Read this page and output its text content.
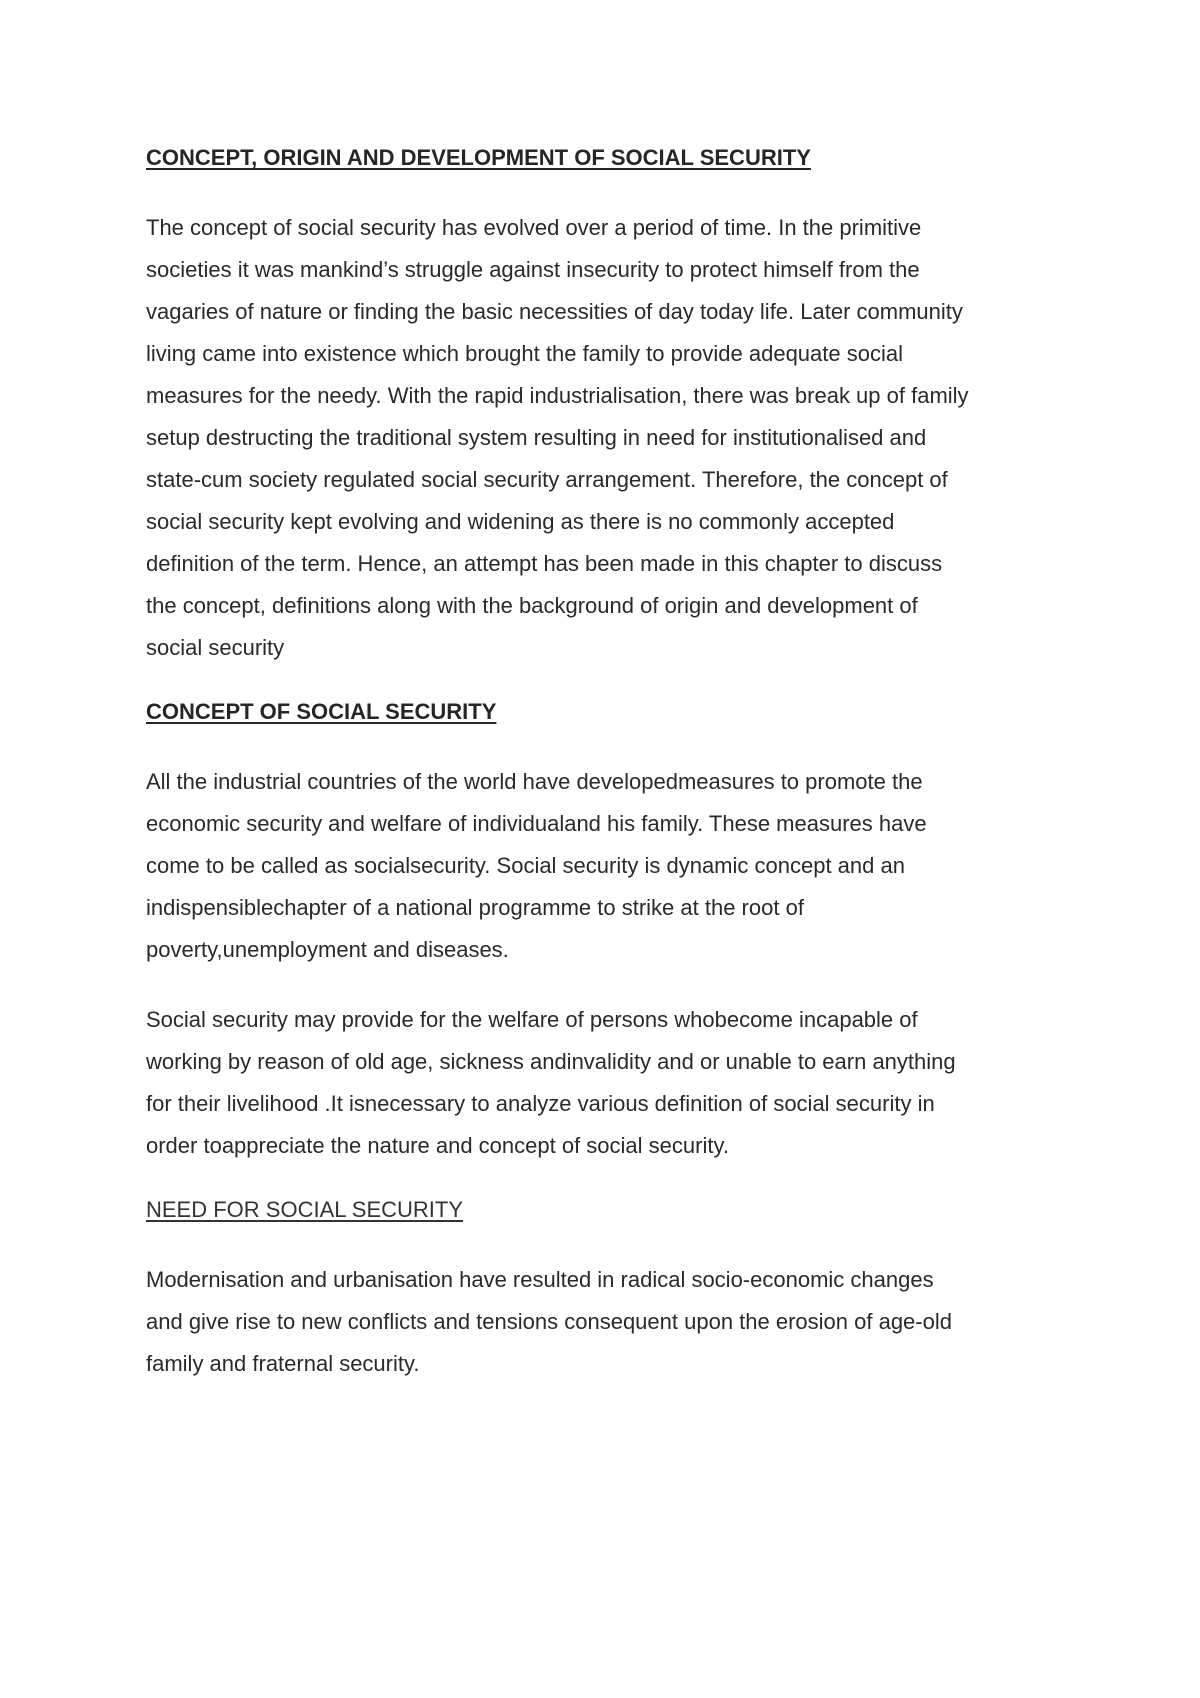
CONCEPT, ORIGIN AND DEVELOPMENT OF SOCIAL SECURITY

The concept of social security has evolved over a period of time. In the primitive
societies it was mankind’s struggle against insecurity to protect himself from the
vagaries of nature or finding the basic necessities of day today life. Later community
living came into existence which brought the family to provide adequate social
measures for the needy. With the rapid industrialisation, there was break up of family
setup destructing the traditional system resulting in need for institutionalised and
state-cum society regulated social security arrangement. Therefore, the concept of
social security kept evolving and widening as there is no commonly accepted
definition of the term. Hence, an attempt has been made in this chapter to discuss
the concept, definitions along with the background of origin and development of
social security

CONCEPT OF SOCIAL SECURITY

All the industrial countries of the world have developedmeasures to promote the
economic security and welfare of individualand his family. These measures have
come to be called as socialsecurity. Social security is dynamic concept and an
indispensiblechapter of a national programme to strike at the root of
poverty,unemployment and diseases.

Social security may provide for the welfare of persons whobecome incapable of
working by reason of old age, sickness andinvalidity and or unable to earn anything
for their livelihood .It isnecessary to analyze various definition of social security in
order toappreciate the nature and concept of social security.

NEED FOR SOCIAL SECURITY

Modernisation and urbanisation have resulted in radical socio-economic changes
and give rise to new conflicts and tensions consequent upon the erosion of age-old
family and fraternal security.
